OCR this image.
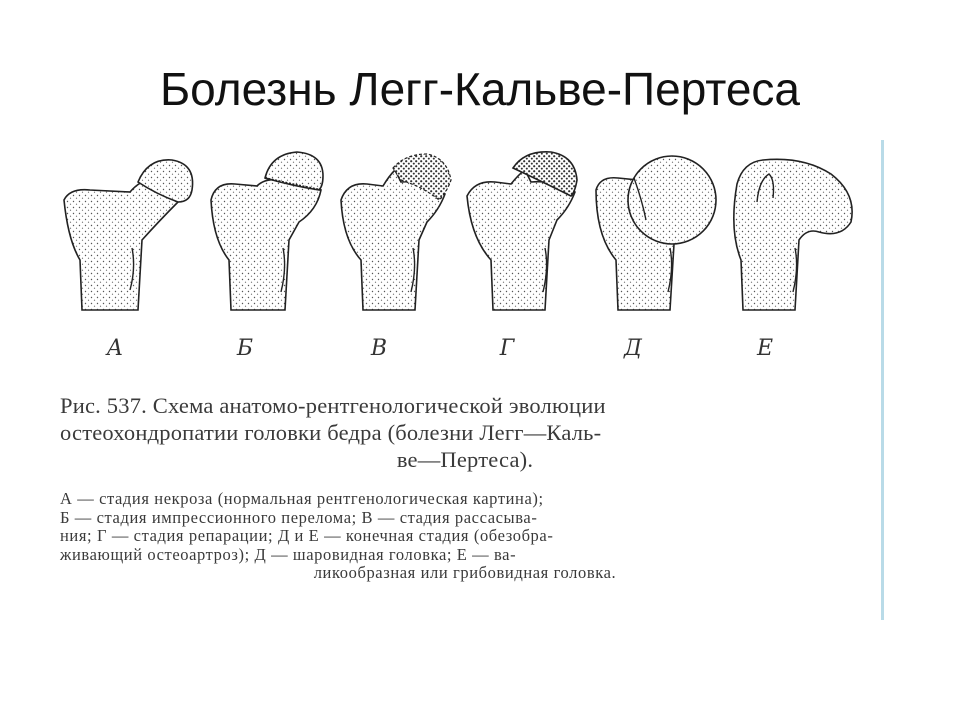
Болезнь Легг-Кальве-Пертеса
А	Б	В	Г	Д	Е
Рис. 537. Схема анатомо-рентгенологической эволюции
остеохондропатии головки бедра (болезни Легг—Каль-
ве—Пертеса).
А — стадия некроза (нормальная рентгенологическая картина);
Б — стадия импрессионного перелома; В — стадия рассасыва-
ния; Г — стадия репарации; Д и Е — конечная стадия (обезобра-
живающий остеоартроз); Д — шаровидная головка; Е — ва-
ликообразная или грибовидная головка.
